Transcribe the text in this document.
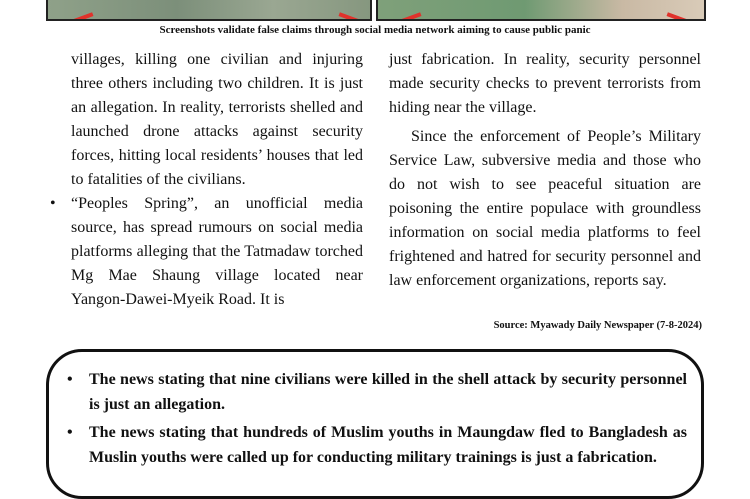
Screenshots validate false claims through social media network aiming to cause public panic

villages, killing one civilian and injuring three others including two children. It is just an allegation. In reality, terrorists shelled and launched drone attacks against security forces, hitting local residents’ houses that led to fatalities of the civilians.

• “Peoples Spring”, an unofficial media source, has spread rumours on social media platforms alleging that the Tatmadaw torched Mg Mae Shaung village located near Yangon-Dawei-Myeik Road. It is

just fabrication. In reality, security personnel made security checks to prevent terrorists from hiding near the village.

Since the enforcement of People’s Military Service Law, subversive media and those who do not wish to see peaceful situation are poisoning the entire populace with groundless information on social media platforms to feel frightened and hatred for security personnel and law enforcement organizations, reports say.

Source: Myawady Daily Newspaper (7-8-2024)
• The news stating that nine civilians were killed in the shell attack by security personnel is just an allegation.
• The news stating that hundreds of Muslim youths in Maungdaw fled to Bangladesh as Muslin youths were called up for conducting military trainings is just a fabrication.
